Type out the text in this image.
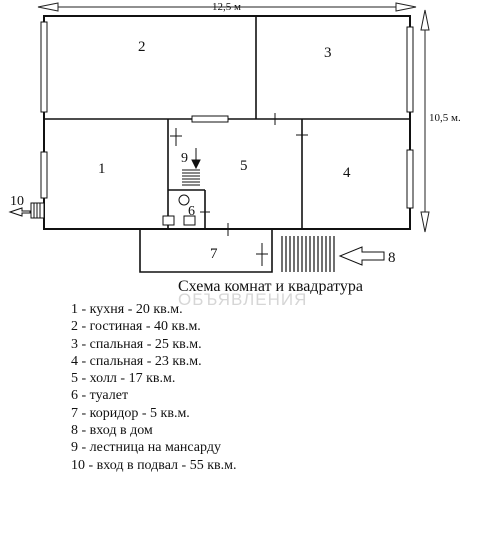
12,5 м
10,5 м.
1
2	3
4
5
6
7	8
9
10
ОБЪЯВЛЕНИЯ
Схема комнат и квадратура
1 - кухня - 20 кв.м.
2 - гостиная - 40 кв.м.
3 - спальная - 25 кв.м.
4 - спальная - 23 кв.м.
5 - холл - 17 кв.м.
6 - туалет
7 - коридор - 5 кв.м.
8 - вход в дом
9 - лестница на мансарду
10 - вход в подвал - 55 кв.м.
